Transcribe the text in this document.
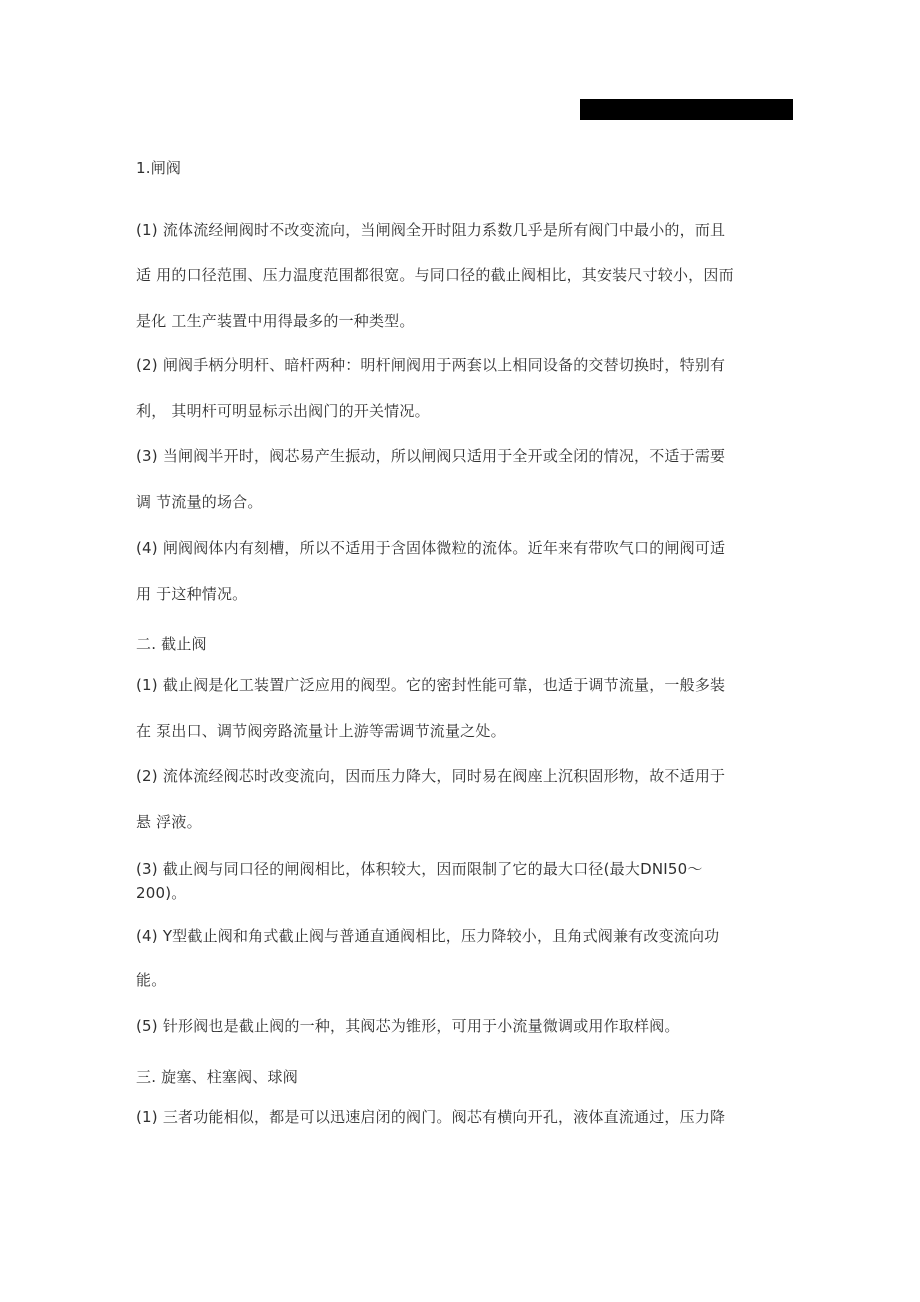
1.闸阀
(1) 流体流经闸阀时不改变流向，当闸阀全开时阻力系数几乎是所有阀门中最小的，而且
适 用的口径范围、压力温度范围都很宽。与同口径的截止阀相比，其安装尺寸较小，因而
是化 工生产装置中用得最多的一种类型。
(2) 闸阀手柄分明杆、暗杆两种：明杆闸阀用于两套以上相同设备的交替切换时，特别有
利， 其明杆可明显标示出阀门的开关情况。
(3) 当闸阀半开时，阀芯易产生振动，所以闸阀只适用于全开或全闭的情况，不适于需要
调 节流量的场合。
(4) 闸阀阀体内有刻槽，所以不适用于含固体微粒的流体。近年来有带吹气口的闸阀可适
用 于这种情况。
二. 截止阀
(1) 截止阀是化工装置广泛应用的阀型。它的密封性能可靠，也适于调节流量，一般多装
在 泵出口、调节阀旁路流量计上游等需调节流量之处。
(2) 流体流经阀芯时改变流向，因而压力降大，同时易在阀座上沉积固形物，故不适用于
悬 浮液。
(3) 截止阀与同口径的闸阀相比，体积较大，因而限制了它的最大口径(最大DNI50〜
200)。
(4) Y型截止阀和角式截止阀与普通直通阀相比，压力降较小，且角式阀兼有改变流向功
能。
(5) 针形阀也是截止阀的一种，其阀芯为锥形，可用于小流量微调或用作取样阀。
三. 旋塞、柱塞阀、球阀
(1) 三者功能相似，都是可以迅速启闭的阀门。阀芯有横向开孔，液体直流通过，压力降
